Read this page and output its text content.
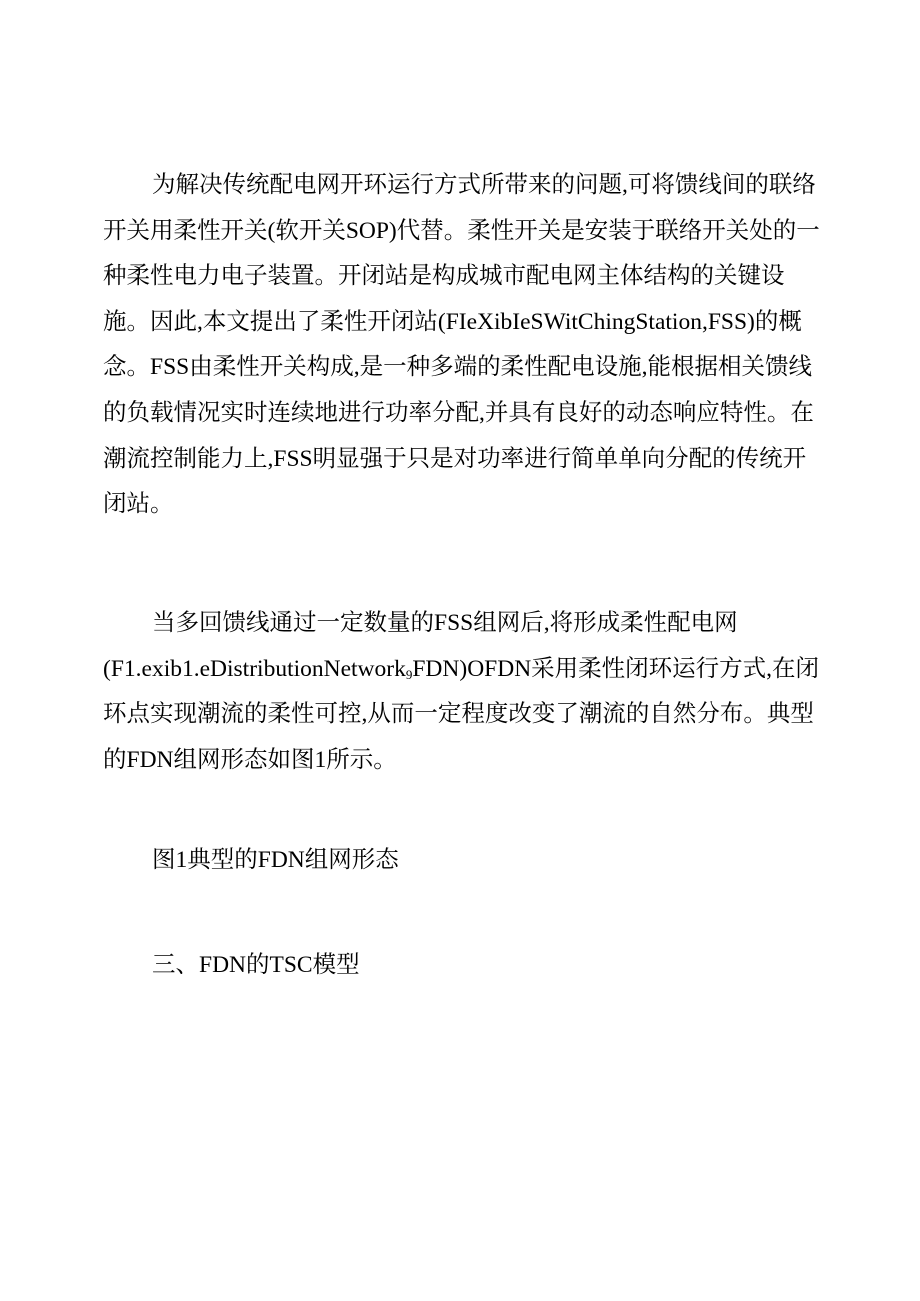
为解决传统配电网开环运行方式所带来的问题,可将馈线间的联络
开关用柔性开关(软开关SOP)代替。柔性开关是安装于联络开关处的一
种柔性电力电子装置。开闭站是构成城市配电网主体结构的关键设
施。因此,本文提出了柔性开闭站(FIeXibIeSWitChingStation,FSS)的概
念。FSS由柔性开关构成,是一种多端的柔性配电设施,能根据相关馈线
的负载情况实时连续地进行功率分配,并具有良好的动态响应特性。在
潮流控制能力上,FSS明显强于只是对功率进行简单单向分配的传统开
闭站。
当多回馈线通过一定数量的FSS组网后,将形成柔性配电网
(F1.exib1.eDistributionNetwork9FDN)OFDN采用柔性闭环运行方式,在闭
环点实现潮流的柔性可控,从而一定程度改变了潮流的自然分布。典型
的FDN组网形态如图1所示。
图1典型的FDN组网形态
三、FDN的TSC模型
